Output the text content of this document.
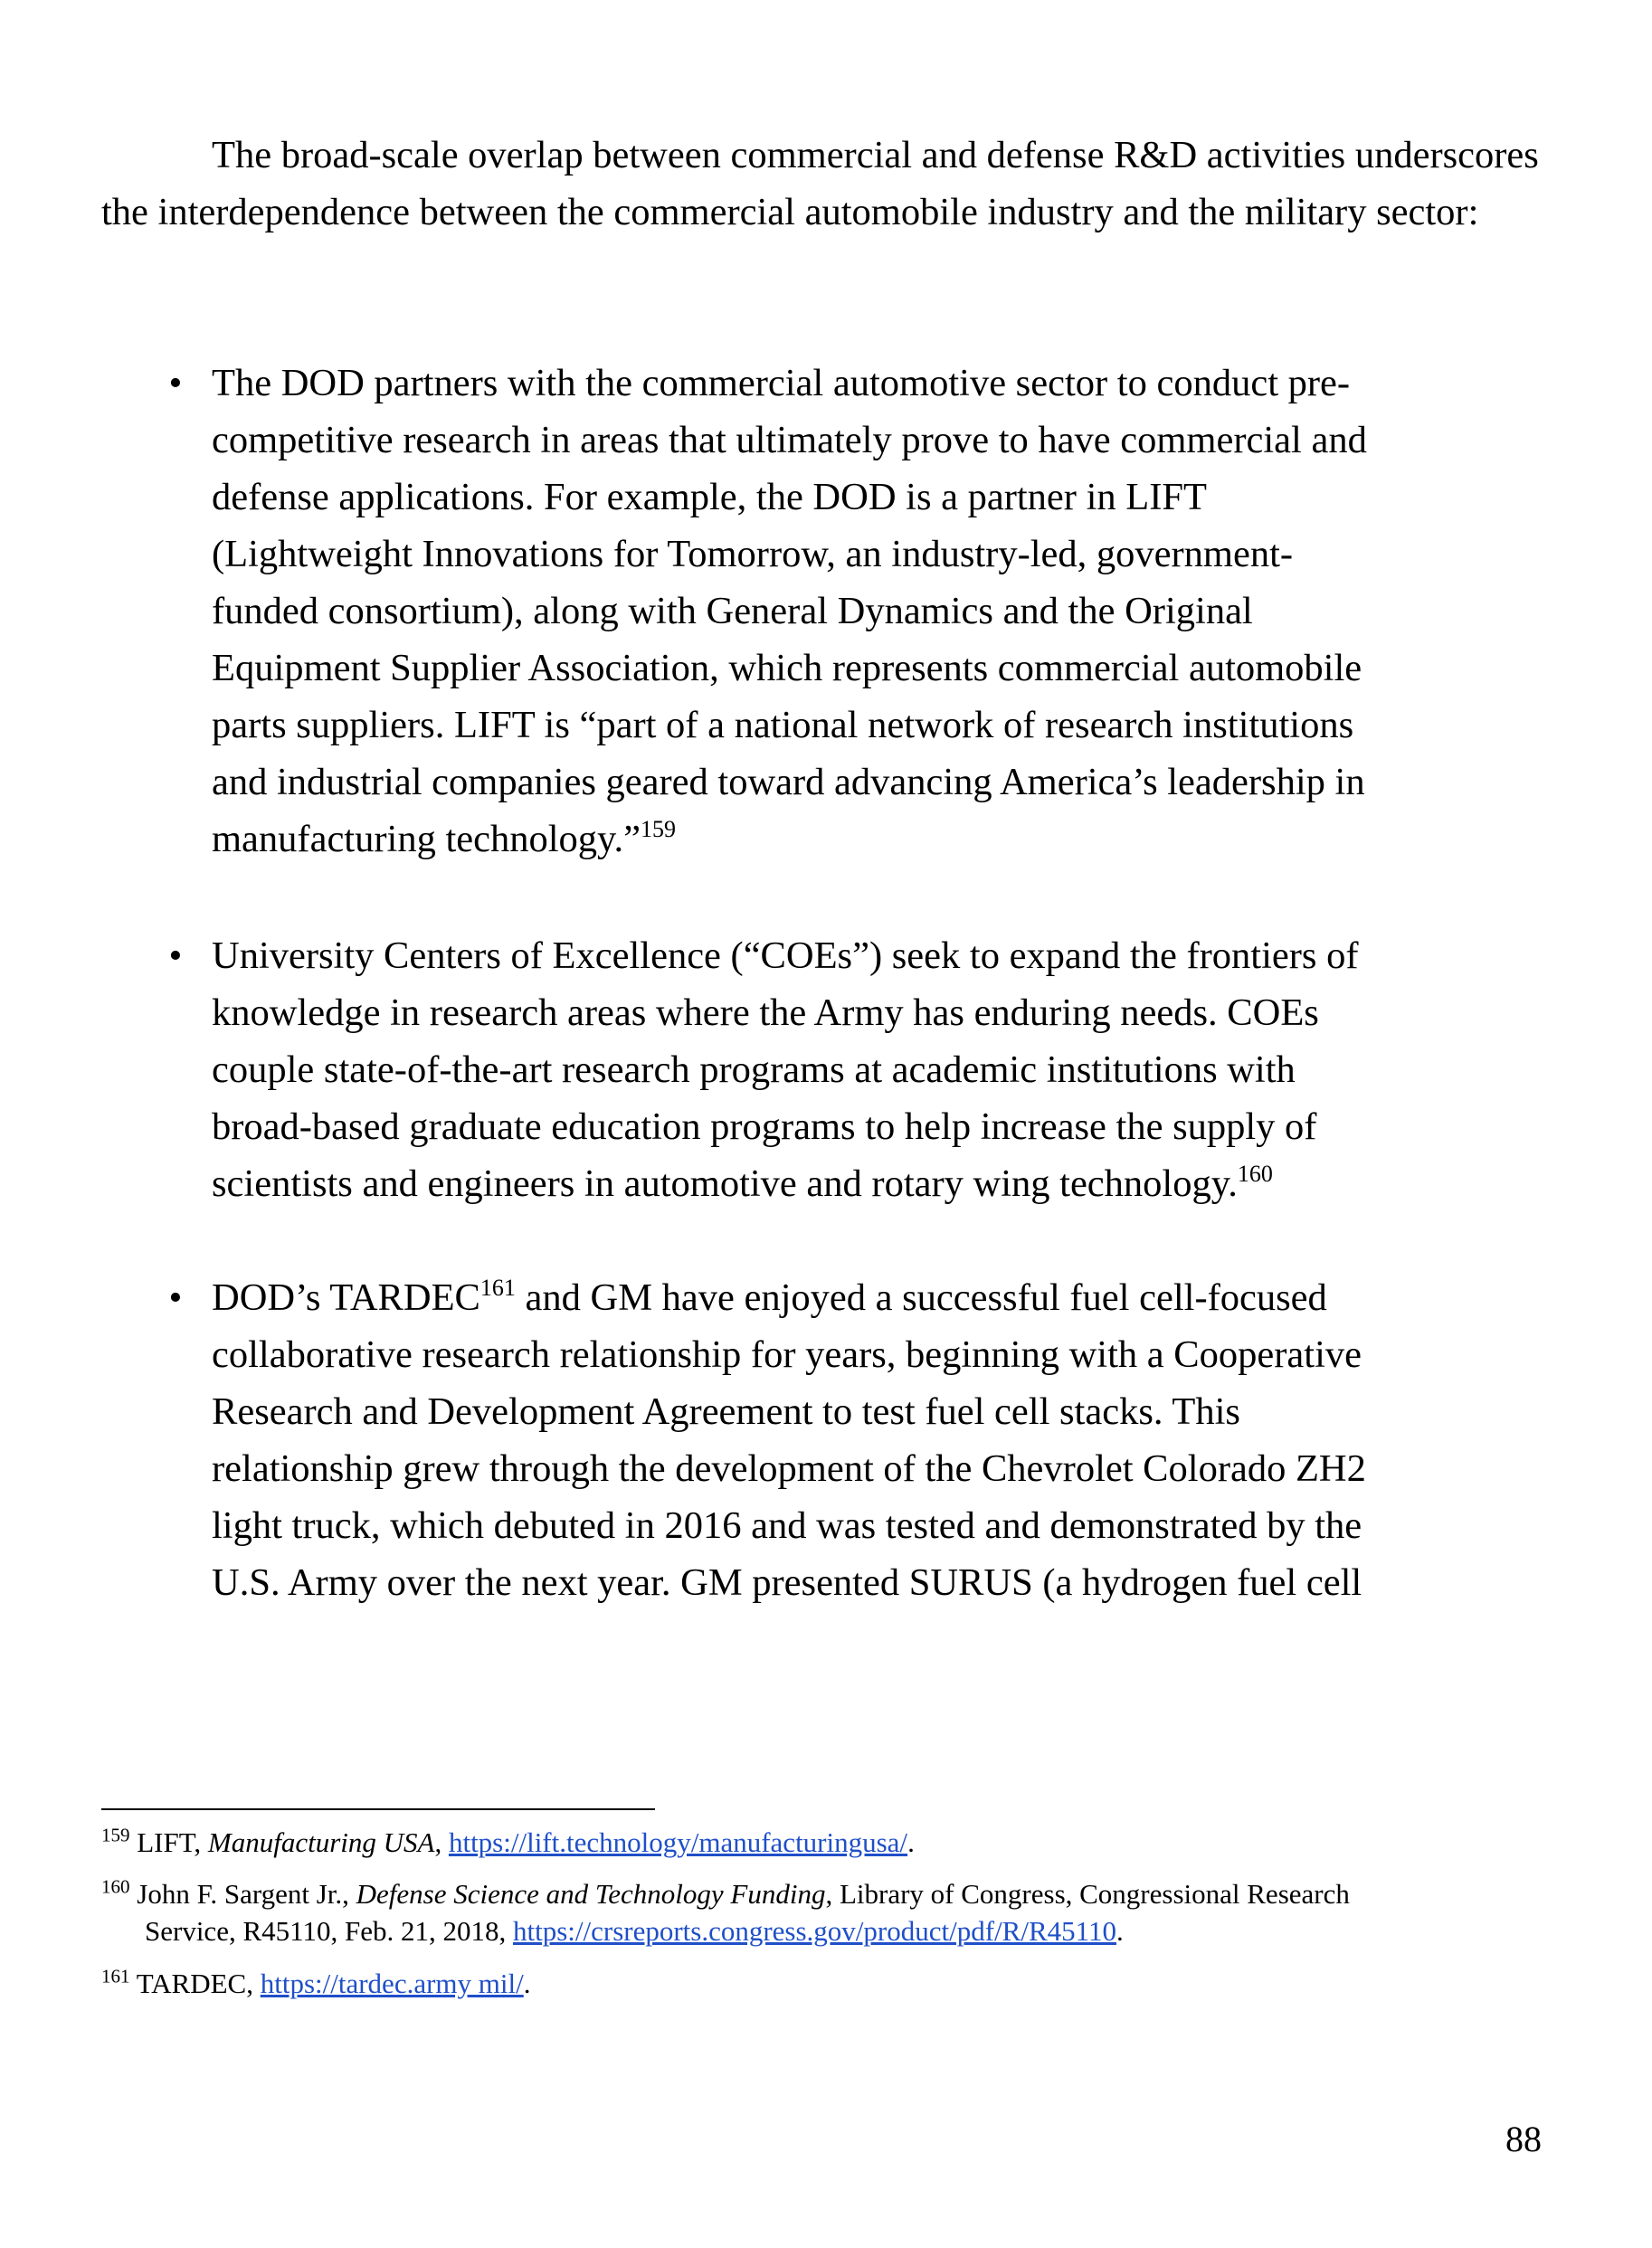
The broad-scale overlap between commercial and defense R&D activities underscores the interdependence between the commercial automobile industry and the military sector:

• The DOD partners with the commercial automotive sector to conduct pre-
competitive research in areas that ultimately prove to have commercial and
defense applications. For example, the DOD is a partner in LIFT
(Lightweight Innovations for Tomorrow, an industry-led, government-
funded consortium), along with General Dynamics and the Original
Equipment Supplier Association, which represents commercial automobile
parts suppliers. LIFT is “part of a national network of research institutions
and industrial companies geared toward advancing America’s leadership in
manufacturing technology.”$^{159}$

• University Centers of Excellence (“COEs”) seek to expand the frontiers of
knowledge in research areas where the Army has enduring needs. COEs
couple state-of-the-art research programs at academic institutions with
broad-based graduate education programs to help increase the supply of
scientists and engineers in automotive and rotary wing technology.$^{160}$

• DOD’s TARDEC$^{161}$ and GM have enjoyed a successful fuel cell-focused
collaborative research relationship for years, beginning with a Cooperative
Research and Development Agreement to test fuel cell stacks. This
relationship grew through the development of the Chevrolet Colorado ZH2
light truck, which debuted in 2016 and was tested and demonstrated by the
U.S. Army over the next year. GM presented SURUS (a hydrogen fuel cell

$^{159}$ LIFT, Manufacturing USA, https://lift.technology/manufacturingusa/.
$^{160}$ John F. Sargent Jr., Defense Science and Technology Funding, Library of Congress, Congressional Research
Service, R45110, Feb. 21, 2018, https://crsreports.congress.gov/product/pdf/R/R45110.
$^{161}$ TARDEC, https://tardec.army mil/.
88
